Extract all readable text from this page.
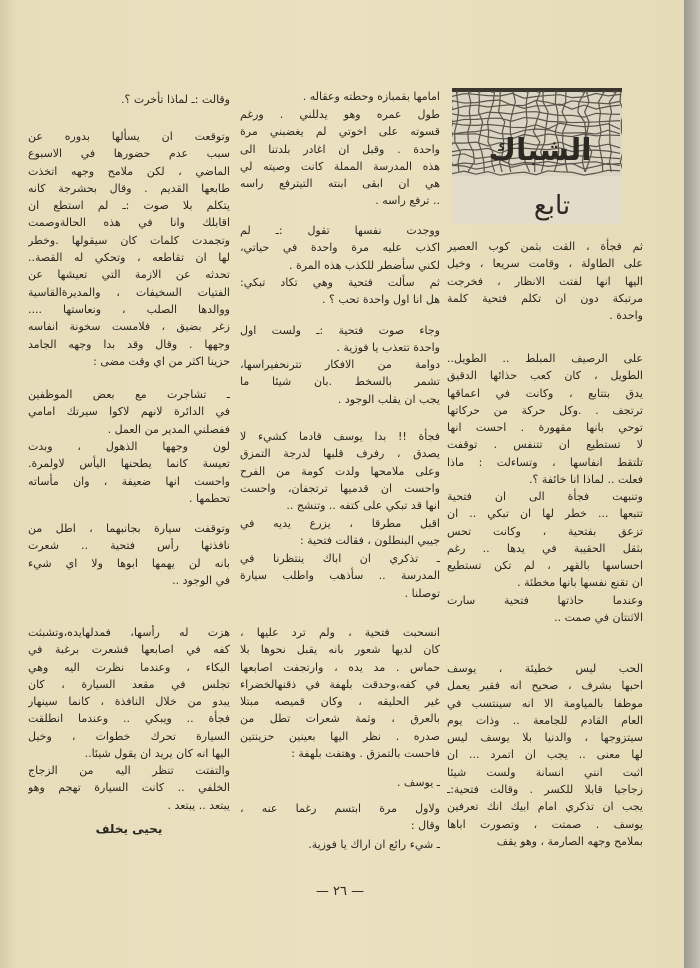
الشباك
تابع
ثم فجأة ، القت بثمن كوب العصير
على الطاولة ، وقامت سريعا ، وخيل
اليها انها لفتت الانظار ، فخرجت
مرتبكة دون ان تكلم فتحية كلمة
واحدة .
على الرصيف المبلط .. الطويل..
الطويل ، كان كعب حذائها الدقيق
يدق بتتابع ، وكانت في اعماقها
ترتجف . .وكل حركة من حركاتها
توحي بانها مقهورة . احست انها
لا تستطيع ان تتنفس . توقفت
تلتقط انفاسها ، وتساءلت : ماذا
فعلت .. لماذا انا خائفة ؟.
وتنبهت فجأة الى ان فتحية
تتبعها ... خطر لها ان تبكي .. ان
تزعق بفتحية ، وكانت تحس
بثقل الحقيبة في يدها .. رغم
احساسها بالقهر ، لم تكن تستطيع
ان تقنع نفسها بانها مخطئة .
وعندما حاذتها فتحية سارت
الاثنتان في صمت ..
الحب ليس خطيئة ، يوسف
احبها بشرف ، صحيح انه فقير يعمل
موظفا بالمياومة الا انه سينتسب في
العام القادم للجامعة .. وذات يوم
سيتزوجها ، والدنيا بلا يوسف ليس
لها معنى .. يجب ان اتمرد ... ان
اثبت انني انسانة ولست شيئا
زجاجيا قابلا للكسر . وقالت فتحية:ـ
يجب ان تذكري امام ابيك انك تعرفين
يوسف . صمتت ، وتصورت اباها
بملامح وجهه الصارمة ، وهو يقف
امامها بقمبازه وحطته وعقاله .
طول عمره وهو يدللني . ورغم
قسوته على اخوتي لم يغضبني مرة
واحدة . وقبل ان اغادر بلدتنا الى
هذه المدرسة المملة كانت وصيته لي
هي ان ابقى ابنته التيترفع راسه
.. ترفع راسه .
ووجدت نفسها تقول :ـ لم
اكذب عليه مرة واحدة في حياتي،
لكني سأضطر للكذب هذه المرة .
ثم سألت فتحية وهي تكاد تبكي:
هل انا اول واحدة تحب ؟ .
وجاء صوت فتحية :ـ ولست اول
واحدة تتعذب يا فوزية .
دوامة من الافكار تترنحفيراسها،
تشمر بالسخط .بان شيئا ما
يجب ان يقلب الوجود .
فجأة !! بدا يوسف قادما كشيء لا
يصدق ، رفرف قلبها لدرجة التمزق
وعلى ملامحها ولدت كومة من الفرح
واحست ان قدميها ترتجفان، واحست
انها قد تبكي على كتفه .. وتنشج ..
اقبل مطرقا ، يزرع يديه في
جيبي البنطلون ، فقالت فتحية :
ـ تذكري ان اباك ينتظرنا في
المدرسة .. سأذهب واطلب سيارة
توصلنا .
انسحبت فتحية ، ولم ترد عليها ،
كان لديها شعور بانه يقبل نحوها بلا
حماس . مد يده ، وارتجفت اصابعها
في كفه،وحدقت بلهفة في ذقنهالخضراء
غير الحليقه ، وكان قميصه مبتلا
بالعرق ، وثمة شعرات تطل من
صدره . نظر اليها بعينين حزينتين
فاحست بالتمزق . وهتفت بلهفة :
ـ يوسف .
ولاول مرة ابتسم رغما عنه ،
وقال :
ـ شيء رائع ان اراك يا فوزية.
وقالت :ـ لماذا تأخرت ؟.
وتوقعت ان يسألها بدوره عن
سبب عدم حضورها في الاسبوع
الماضي ، لكن ملامح وجهه اتخذت
طابعها القديم . وقال بحشرجة كانه
يتكلم بلا صوت :ـ لم استطع ان
اقابلك وانا في هذه الحالةوصمت
وتجمدت كلمات كان سيقولها .وخطر
لها ان تقاطعه ، وتحكي له القصة..
تحدثه عن الازمة التي تعيشها عن
الفتيات السخيفات ، والمديرةالقاسية
ووالدها الصلب ، ونعاستها ....
زغر بضيق ، فلامست سخونة انفاسه
وجهها . وقال وقد بدا وجهه الجامد
حزينا اكثر من اي وقت مضى :
ـ تشاجرت مع بعض الموظفين
في الدائرة لانهم لاكوا سيرتك امامي
ففصلني المدير من العمل .
لون وجهها الذهول ، وبدت
تعيسة كانما يطحنها اليأس لاولمرة.
واحست انها ضعيفة ، وان مأساته
تحطمها .
وتوقفت سيارة بجانبهما ، اطل من
نافذتها رأس فتحية .. شعرت
بانه لن يهمها ابوها ولا اي شيء
في الوجود ..
هزت له رأسها، فمدلهايده،وتشبثت
كفه في اصابعها فشعرت برغبة في
البكاء ، وعندما نظرت اليه وهي
تجلس في مقعد السيارة ، كان
يبدو من خلال النافذة ، كانما سينهار
فجأة .. ويبكي .. وعندما انطلقت
السيارة تحرك خطوات ، وخيل
اليها انه كان يريد ان يقول شيئا..
والتفتت تنظر اليه من الزجاج
الخلفي .. كانت السيارة تهجم وهو
يبتعد .. يبتعد .
يحيى يخلف
— ٢٦ —
